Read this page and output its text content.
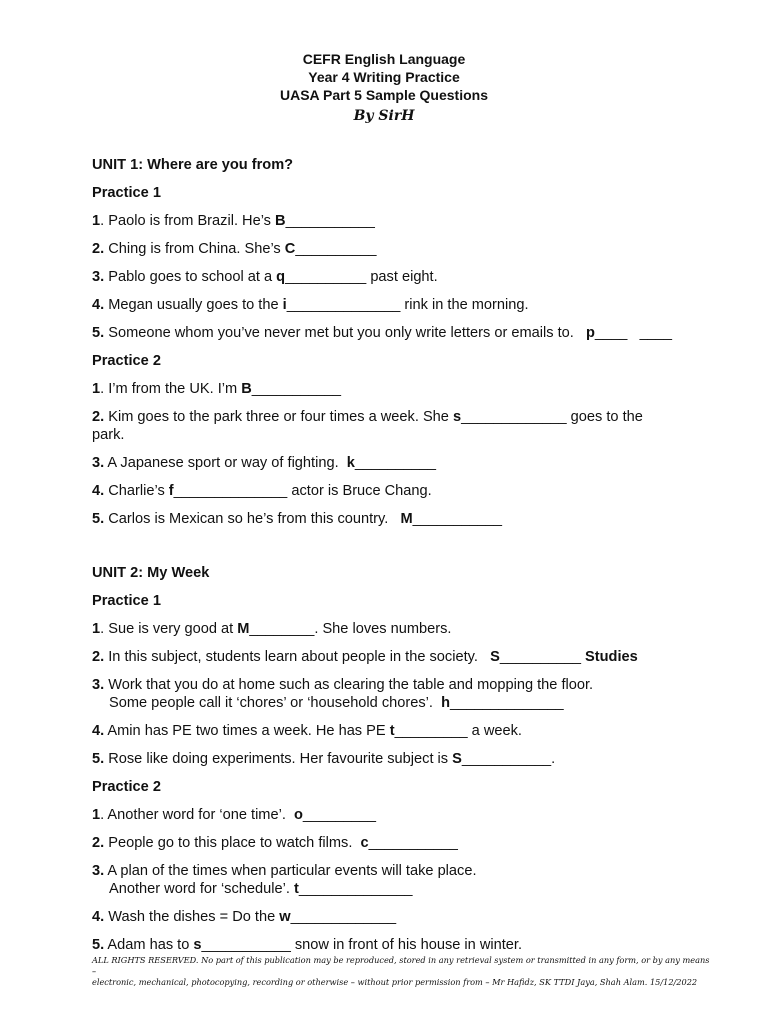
CEFR English Language
Year 4 Writing Practice
UASA Part 5 Sample Questions
By SirH
UNIT 1: Where are you from?
Practice 1
1. Paolo is from Brazil. He’s B___________
2. Ching is from China. She’s C__________
3. Pablo goes to school at a q__________ past eight.
4. Megan usually goes to the i______________ rink in the morning.
5. Someone whom you’ve never met but you only write letters or emails to. p____ ____
Practice 2
1. I’m from the UK. I’m B___________
2. Kim goes to the park three or four times a week. She s_____________ goes to the
park.
3. A Japanese sport or way of fighting. k__________
4. Charlie’s f______________ actor is Bruce Chang.
5. Carlos is Mexican so he’s from this country. M___________
UNIT 2: My Week
Practice 1
1. Sue is very good at M________. She loves numbers.
2. In this subject, students learn about people in the society. S__________ Studies
3. Work that you do at home such as clearing the table and mopping the floor.
Some people call it ‘chores’ or ‘household chores’. h______________
4. Amin has PE two times a week. He has PE t_________ a week.
5. Rose like doing experiments. Her favourite subject is S___________.
Practice 2
1. Another word for ‘one time’. o_________
2. People go to this place to watch films. c___________
3. A plan of the times when particular events will take place.
Another word for ‘schedule’. t______________
4. Wash the dishes = Do the w_____________
5. Adam has to s___________ snow in front of his house in winter.
ALL RIGHTS RESERVED. No part of this publication may be reproduced, stored in any retrieval system or transmitted in any form, or by any means –
electronic, mechanical, photocopying, recording or otherwise – without prior permission from – Mr Hafidz, SK TTDI Jaya, Shah Alam. 15/12/2022
